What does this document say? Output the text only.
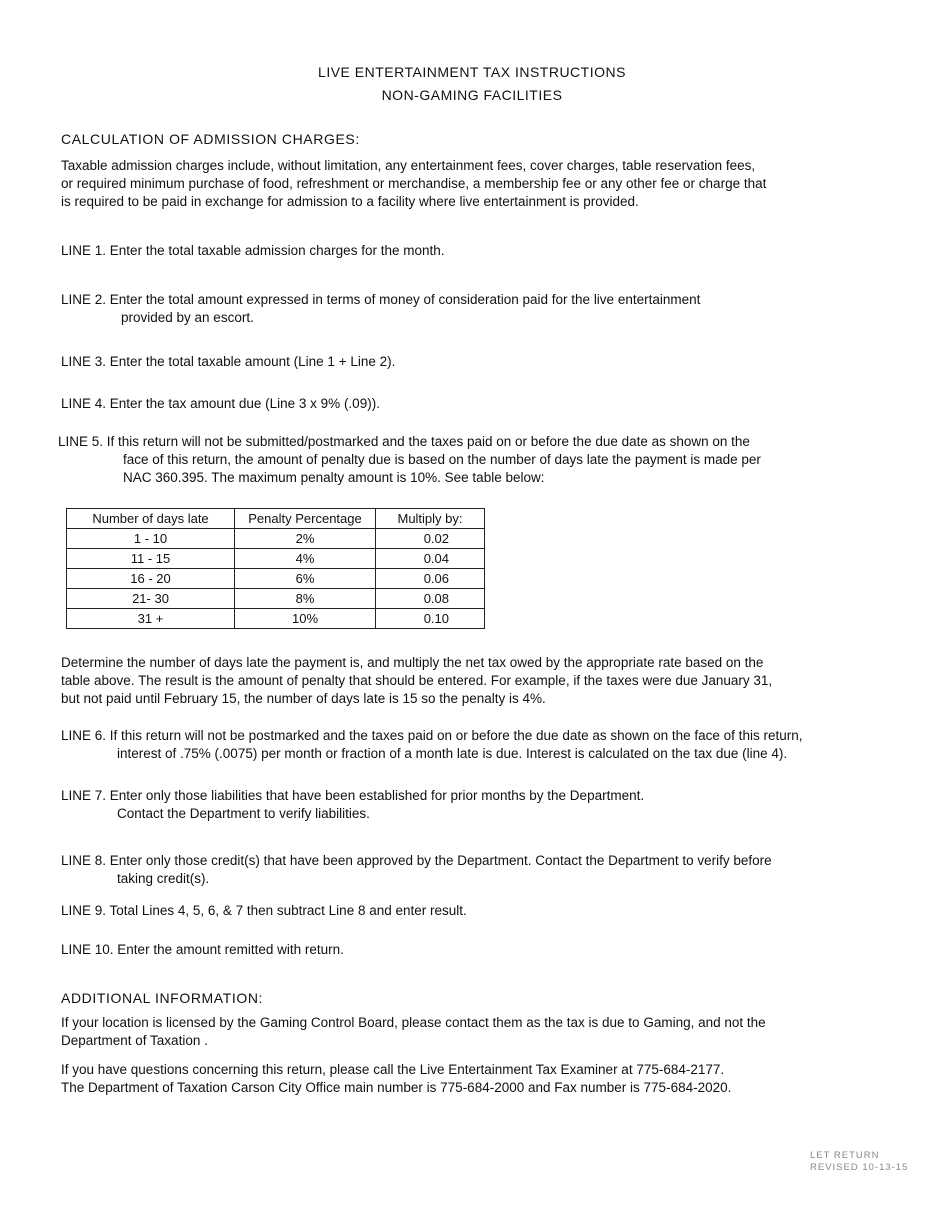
LIVE ENTERTAINMENT TAX INSTRUCTIONS
NON-GAMING FACILITIES
CALCULATION OF ADMISSION CHARGES:
Taxable admission charges include, without limitation, any entertainment fees, cover charges, table reservation fees,
or required minimum purchase of food, refreshment or merchandise, a membership fee or any other fee or charge that
is required to be paid in exchange for admission to a facility where live entertainment is provided.
LINE 1. Enter the total taxable admission charges for the month.
LINE 2. Enter the total amount expressed in terms of money of consideration paid for the live entertainment
provided by an escort.
LINE 3. Enter the total taxable amount (Line 1 + Line 2).
LINE 4. Enter the tax amount due (Line 3 x 9% (.09)).
LINE 5. If this return will not be submitted/postmarked and the taxes paid on or before the due date as shown on the
face of this return, the amount of penalty due is based on the number of days late the payment is made per
NAC 360.395. The maximum penalty amount is 10%. See table below:
Number of days late	Penalty Percentage	Multiply by:
1 - 10	2%	0.02
11 - 15	4%	0.04
16 - 20	6%	0.06
21- 30	8%	0.08
31 +	10%	0.10
Determine the number of days late the payment is, and multiply the net tax owed by the appropriate rate based on the
table above. The result is the amount of penalty that should be entered. For example, if the taxes were due January 31,
but not paid until February 15, the number of days late is 15 so the penalty is 4%.
LINE 6. If this return will not be postmarked and the taxes paid on or before the due date as shown on the face of this return,
interest of .75% (.0075) per month or fraction of a month late is due. Interest is calculated on the tax due (line 4).
LINE 7. Enter only those liabilities that have been established for prior months by the Department.
Contact the Department to verify liabilities.
LINE 8. Enter only those credit(s) that have been approved by the Department. Contact the Department to verify before
taking credit(s).
LINE 9. Total Lines 4, 5, 6, & 7 then subtract Line 8 and enter result.
LINE 10. Enter the amount remitted with return.
ADDITIONAL INFORMATION:
If your location is licensed by the Gaming Control Board, please contact them as the tax is due to Gaming, and not the
Department of Taxation .
If you have questions concerning this return, please call the Live Entertainment Tax Examiner at 775-684-2177.
The Department of Taxation Carson City Office main number is 775-684-2000 and Fax number is 775-684-2020.
LET RETURN
REVISED 10-13-15
